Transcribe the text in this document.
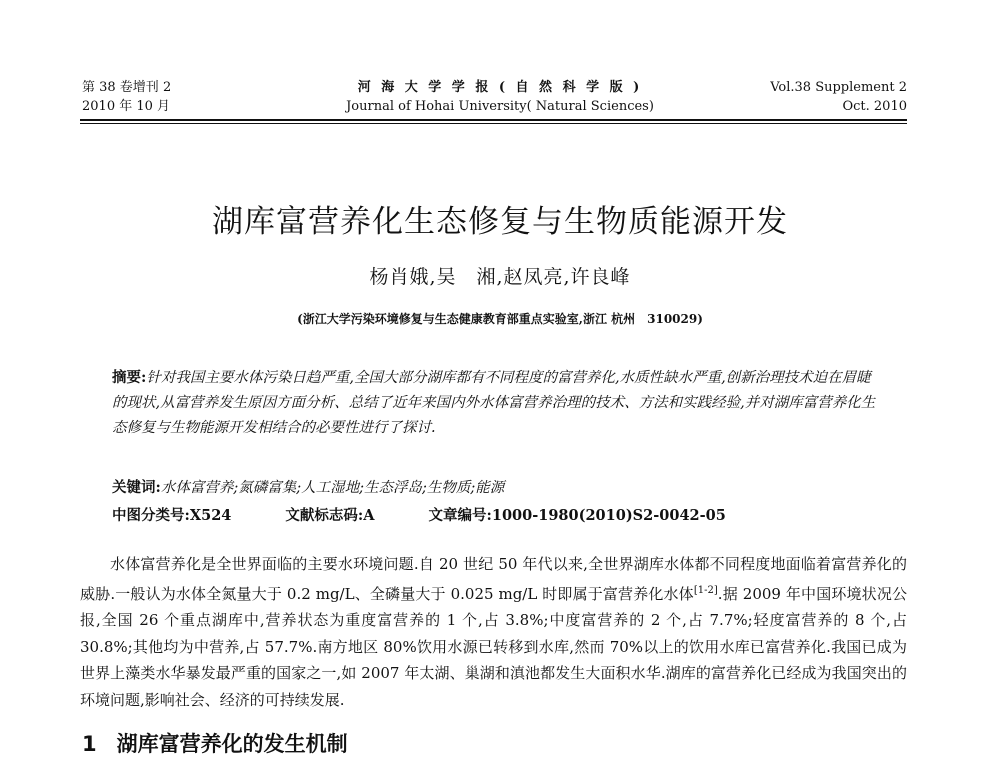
第 38 卷增刊 2
2010 年 10 月
河 海 大 学 学 报 ( 自 然 科 学 版 )
Journal of Hohai University( Natural Sciences)
Vol.38 Supplement 2
Oct. 2010
湖库富营养化生态修复与生物质能源开发
杨肖娥,吴　湘,赵凤亮,许良峰
(浙江大学污染环境修复与生态健康教育部重点实验室,浙江 杭州　310029)
摘要:针对我国主要水体污染日趋严重,全国大部分湖库都有不同程度的富营养化,水质性缺水严重,创新治理技术迫在眉睫的现状,从富营养发生原因方面分析、总结了近年来国内外水体富营养治理的技术、方法和实践经验,并对湖库富营养化生态修复与生物能源开发相结合的必要性进行了探讨.
关键词:水体富营养;氮磷富集;人工湿地;生态浮岛;生物质;能源
中图分类号:X524	文献标志码:A	文章编号:1000-1980(2010)S2-0042-05
水体富营养化是全世界面临的主要水环境问题.自 20 世纪 50 年代以来,全世界湖库水体都不同程度地面临着富营养化的威胁.一般认为水体全氮量大于 0.2 mg/L、全磷量大于 0.025 mg/L 时即属于富营养化水体[1-2].据 2009 年中国环境状况公报,全国 26 个重点湖库中,营养状态为重度富营养的 1 个,占 3.8%;中度富营养的 2 个,占 7.7%;轻度富营养的 8 个,占 30.8%;其他均为中营养,占 57.7%.南方地区 80%饮用水源已转移到水库,然而 70%以上的饮用水库已富营养化.我国已成为世界上藻类水华暴发最严重的国家之一,如 2007 年太湖、巢湖和滇池都发生大面积水华.湖库的富营养化已经成为我国突出的环境问题,影响社会、经济的可持续发展.
1 湖库富营养化的发生机制
